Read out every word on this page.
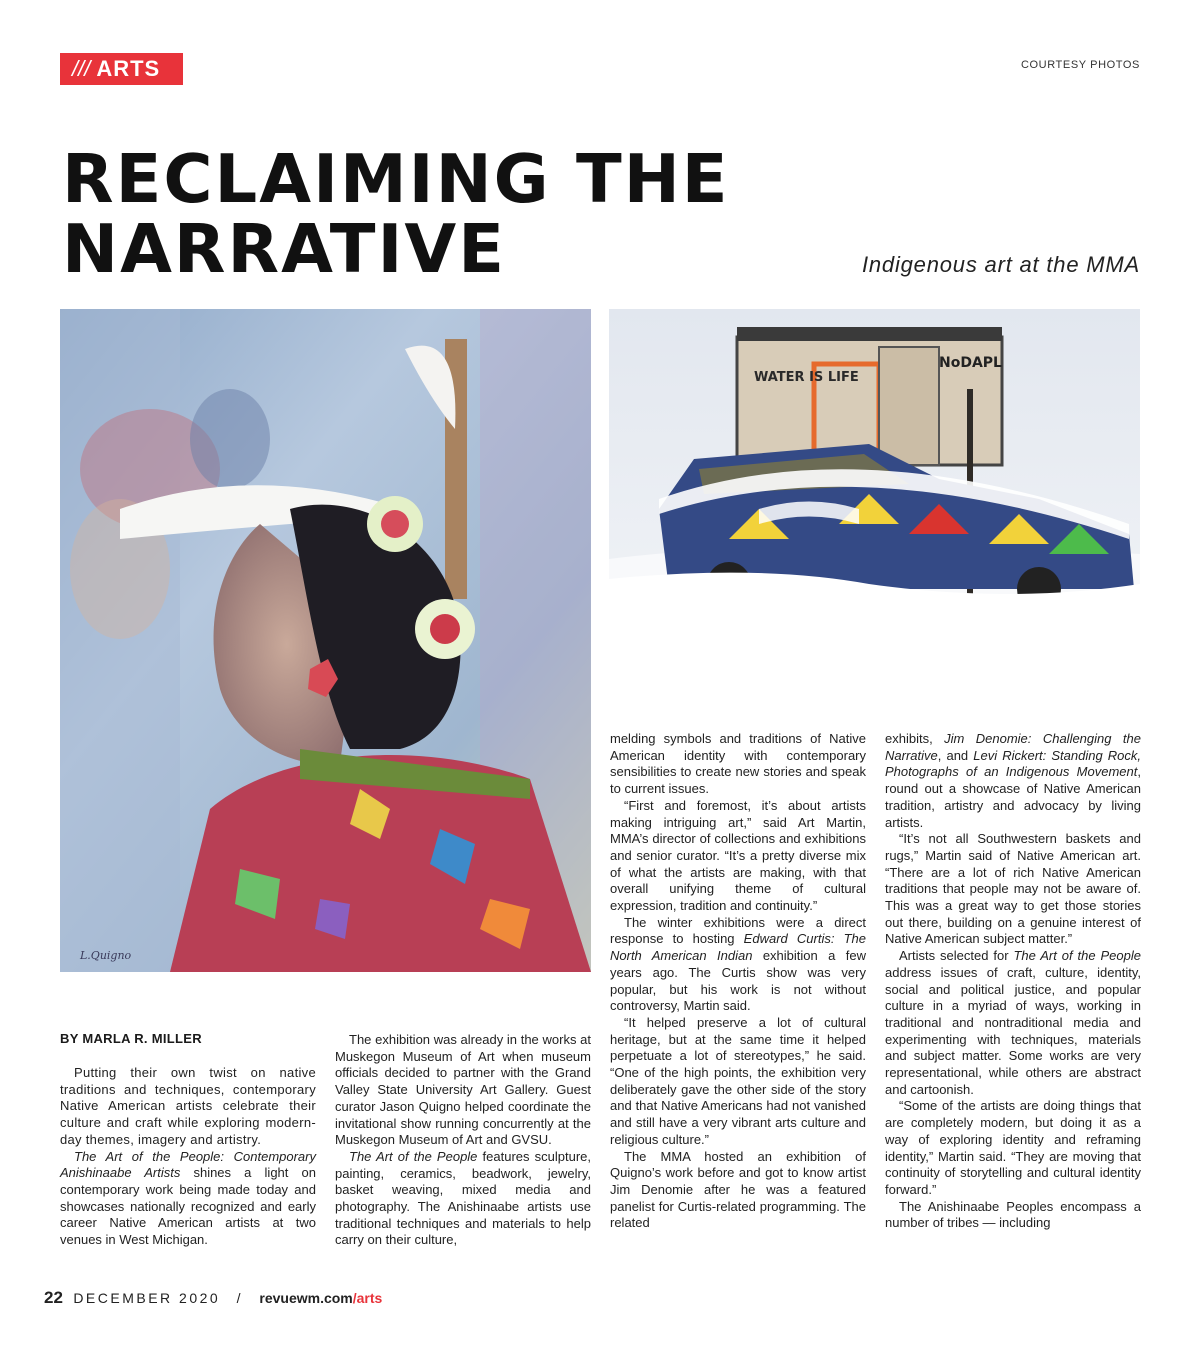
/// ARTS	COURTESY PHOTOS
RECLAIMING THE
NARRATIVE	Indigenous art at the MMA
L.Quigno
WATER IS LIFE
NoDAPL
BY MARLA R. MILLER

Putting their own twist on native traditions and techniques, contemporary Native American artists celebrate their culture and craft while exploring modern-day themes, imagery and artistry.

The Art of the People: Contemporary Anishinaabe Artists shines a light on contemporary work being made today and showcases nationally recognized and early career Native American artists at two venues in West Michigan.

The exhibition was already in the works at Muskegon Museum of Art when museum officials decided to partner with the Grand Valley State University Art Gallery. Guest curator Jason Quigno helped coordinate the invitational show running concurrently at the Muskegon Museum of Art and GVSU.

The Art of the People features sculpture, painting, ceramics, beadwork, jewelry, basket weaving, mixed media and photography. The Anishinaabe artists use traditional techniques and materials to help carry on their culture,

melding symbols and traditions of Native American identity with contemporary sensibilities to create new stories and speak to current issues.

“First and foremost, it’s about artists making intriguing art,” said Art Martin, MMA’s director of collections and exhibitions and senior curator. “It’s a pretty diverse mix of what the artists are making, with that overall unifying theme of cultural expression, tradition and continuity.”

The winter exhibitions were a direct response to hosting Edward Curtis: The North American Indian exhibition a few years ago. The Curtis show was very popular, but his work is not without controversy, Martin said.

“It helped preserve a lot of cultural heritage, but at the same time it helped perpetuate a lot of stereotypes,” he said. “One of the high points, the exhibition very deliberately gave the other side of the story and that Native Americans had not vanished and still have a very vibrant arts culture and religious culture.”

The MMA hosted an exhibition of Quigno’s work before and got to know artist Jim Denomie after he was a featured panelist for Curtis-related programming. The related

exhibits, Jim Denomie: Challenging the Narrative, and Levi Rickert: Standing Rock, Photographs of an Indigenous Movement, round out a showcase of Native American tradition, artistry and advocacy by living artists.

“It’s not all Southwestern baskets and rugs,” Martin said of Native American art. “There are a lot of rich Native American traditions that people may not be aware of. This was a great way to get those stories out there, building on a genuine interest of Native American subject matter.”

Artists selected for The Art of the People address issues of craft, culture, identity, social and political justice, and popular culture in a myriad of ways, working in traditional and nontraditional media and experimenting with techniques, materials and subject matter. Some works are very representational, while others are abstract and cartoonish.

“Some of the artists are doing things that are completely modern, but doing it as a way of exploring identity and reframing identity,” Martin said. “They are moving that continuity of storytelling and cultural identity forward.”

The Anishinaabe Peoples encompass a number of tribes — including

22 DECEMBER 2020 / revuewm.com/arts
